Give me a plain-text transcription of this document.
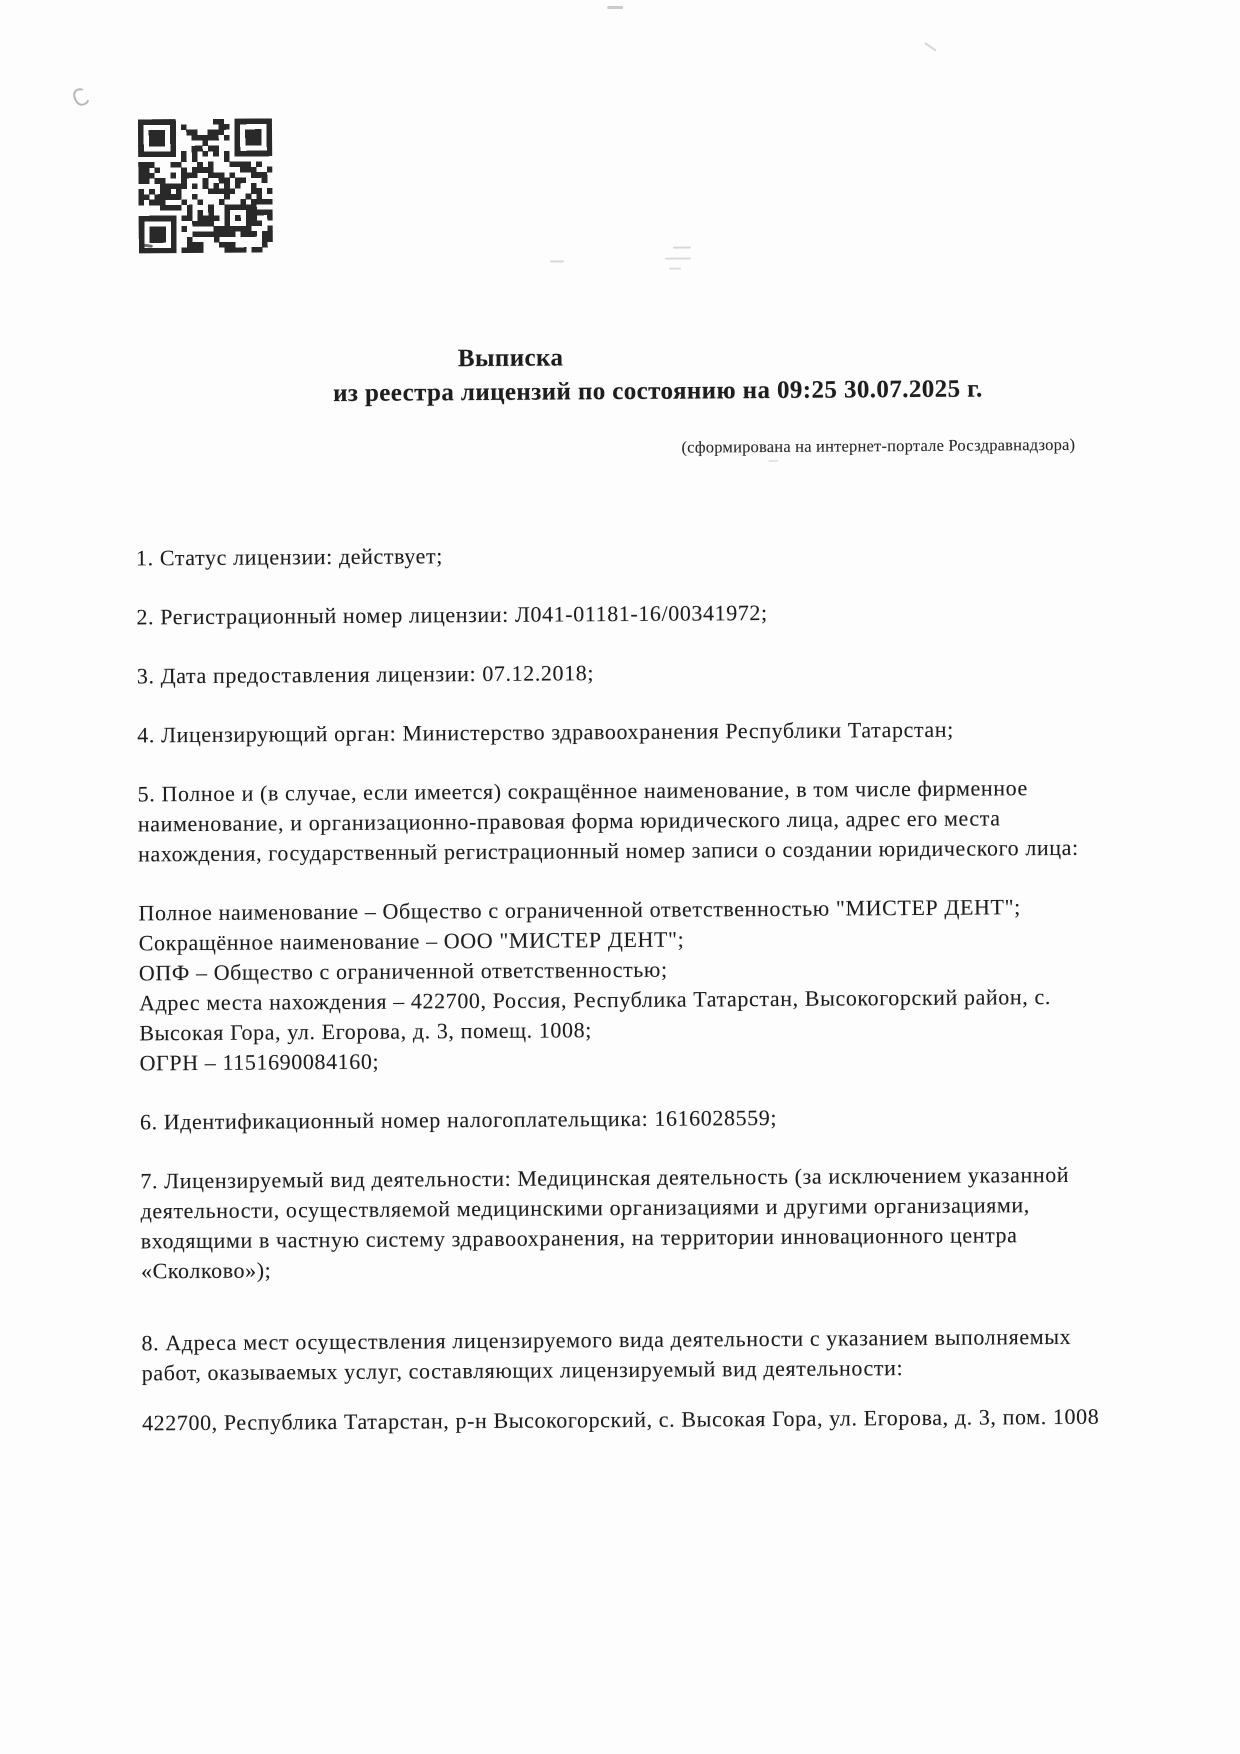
Выписка
из реестра лицензий по состоянию на 09:25 30.07.2025 г.
(сформирована на интернет-портале Росздравнадзора)
1. Статус лицензии: действует;
2. Регистрационный номер лицензии: Л041-01181-16/00341972;
3. Дата предоставления лицензии: 07.12.2018;
4. Лицензирующий орган: Министерство здравоохранения Республики Татарстан;
5. Полное и (в случае, если имеется) сокращённое наименование, в том числе фирменное
наименование, и организационно-правовая форма юридического лица, адрес его места
нахождения, государственный регистрационный номер записи о создании юридического лица:
Полное наименование – Общество с ограниченной ответственностью "МИСТЕР ДЕНТ";
Сокращённое наименование – ООО "МИСТЕР ДЕНТ";
ОПФ – Общество с ограниченной ответственностью;
Адрес места нахождения – 422700, Россия, Республика Татарстан, Высокогорский район, с.
Высокая Гора, ул. Егорова, д. 3, помещ. 1008;
ОГРН – 1151690084160;
6. Идентификационный номер налогоплательщика: 1616028559;
7. Лицензируемый вид деятельности: Медицинская деятельность (за исключением указанной
деятельности, осуществляемой медицинскими организациями и другими организациями,
входящими в частную систему здравоохранения, на территории инновационного центра
«Сколково»);
8. Адреса мест осуществления лицензируемого вида деятельности с указанием выполняемых
работ, оказываемых услуг, составляющих лицензируемый вид деятельности:
422700, Республика Татарстан, р-н Высокогорский, с. Высокая Гора, ул. Егорова, д. 3, пом. 1008
